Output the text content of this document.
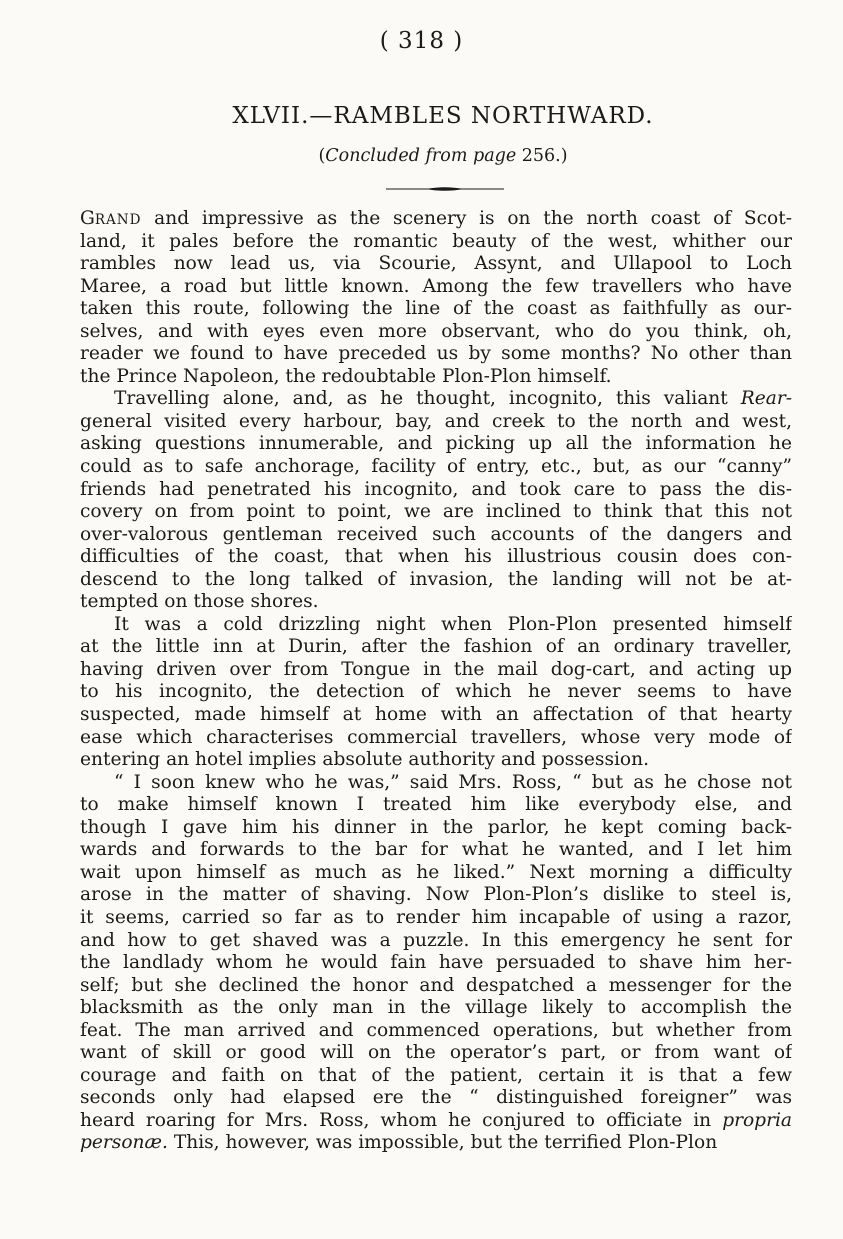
( 318 )
XLVII.—RAMBLES NORTHWARD.
(Concluded from page 256.)
GRAND and impressive as the scenery is on the north coast of Scot-
land, it pales before the romantic beauty of the west, whither our
rambles now lead us, via Scourie, Assynt, and Ullapool to Loch
Maree, a road but little known. Among the few travellers who have
taken this route, following the line of the coast as faithfully as our-
selves, and with eyes even more observant, who do you think, oh,
reader we found to have preceded us by some months? No other than
the Prince Napoleon, the redoubtable Plon-Plon himself.
Travelling alone, and, as he thought, incognito, this valiant Rear-
general visited every harbour, bay, and creek to the north and west,
asking questions innumerable, and picking up all the information he
could as to safe anchorage, facility of entry, etc., but, as our “canny”
friends had penetrated his incognito, and took care to pass the dis-
covery on from point to point, we are inclined to think that this not
over-valorous gentleman received such accounts of the dangers and
difficulties of the coast, that when his illustrious cousin does con-
descend to the long talked of invasion, the landing will not be at-
tempted on those shores.
It was a cold drizzling night when Plon-Plon presented himself
at the little inn at Durin, after the fashion of an ordinary traveller,
having driven over from Tongue in the mail dog-cart, and acting up
to his incognito, the detection of which he never seems to have
suspected, made himself at home with an affectation of that hearty
ease which characterises commercial travellers, whose very mode of
entering an hotel implies absolute authority and possession.
“ I soon knew who he was,” said Mrs. Ross, “ but as he chose not
to make himself known I treated him like everybody else, and
though I gave him his dinner in the parlor, he kept coming back-
wards and forwards to the bar for what he wanted, and I let him
wait upon himself as much as he liked.” Next morning a difficulty
arose in the matter of shaving. Now Plon-Plon’s dislike to steel is,
it seems, carried so far as to render him incapable of using a razor,
and how to get shaved was a puzzle. In this emergency he sent for
the landlady whom he would fain have persuaded to shave him her-
self; but she declined the honor and despatched a messenger for the
blacksmith as the only man in the village likely to accomplish the
feat. The man arrived and commenced operations, but whether from
want of skill or good will on the operator’s part, or from want of
courage and faith on that of the patient, certain it is that a few
seconds only had elapsed ere the “ distinguished foreigner” was
heard roaring for Mrs. Ross, whom he conjured to officiate in propria
personæ. This, however, was impossible, but the terrified Plon-Plon
